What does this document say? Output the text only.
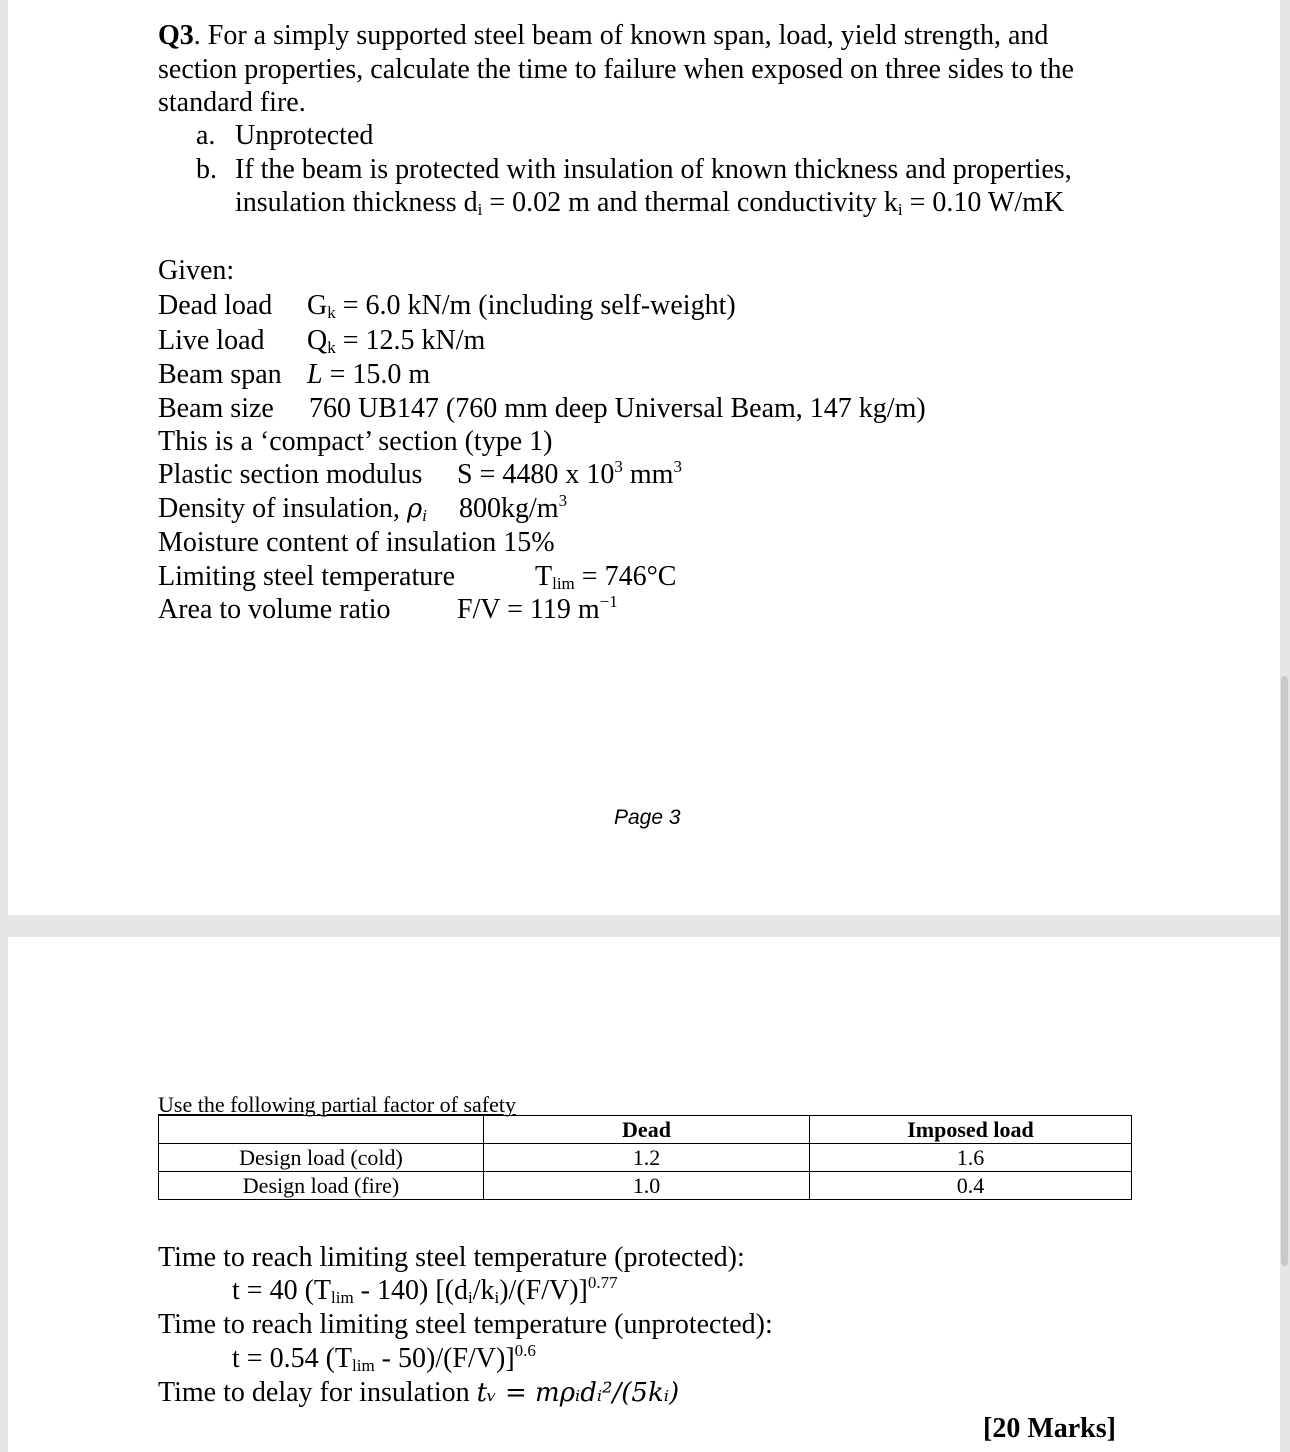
Q3. For a simply supported steel beam of known span, load, yield strength, and
section properties, calculate the time to failure when exposed on three sides to the
standard fire.
a. Unprotected
b. If the beam is protected with insulation of known thickness and properties,
insulation thickness $d_i = 0.02$ m and thermal conductivity $k_i = 0.10$ W/mK
Given:
Dead load $G_k = 6.0$ kN/m (including self‐weight)
Live load $Q_k = 12.5$ kN/m
Beam span L = 15.0 m
Beam size 760 UB147 (760 mm deep Universal Beam, 147 kg/m)
This is a ‘compact’ section (type 1)
Plastic section modulus S = 4480 x $10^3$ $mm^3$
Density of insulation, $\rho_i$ $800kg/m^3$
Moisture content of insulation 15%
Limiting steel temperature	$T_{lim} = 746^\circ C$
Area to volume ratio F/V = 119 $m^{-1}$
Page 3
Use the following partial factor of safety
	Dead	Imposed load
Design load (cold)	1.2	1.6
Design load (fire)	1.0	0.4
Time to reach limiting steel temperature (protected):
t = 40 $(T_{lim} - 140)$ $[(d_i/k_i)/(F/V)]^{0.77}$
Time to reach limiting steel temperature (unprotected):
t = 0.54 $(T_{lim} - 50)/(F/V)]^{0.6}$
Time to delay for insulation tᵥ = mρᵢdᵢ²/(5kᵢ)
[20 Marks]
